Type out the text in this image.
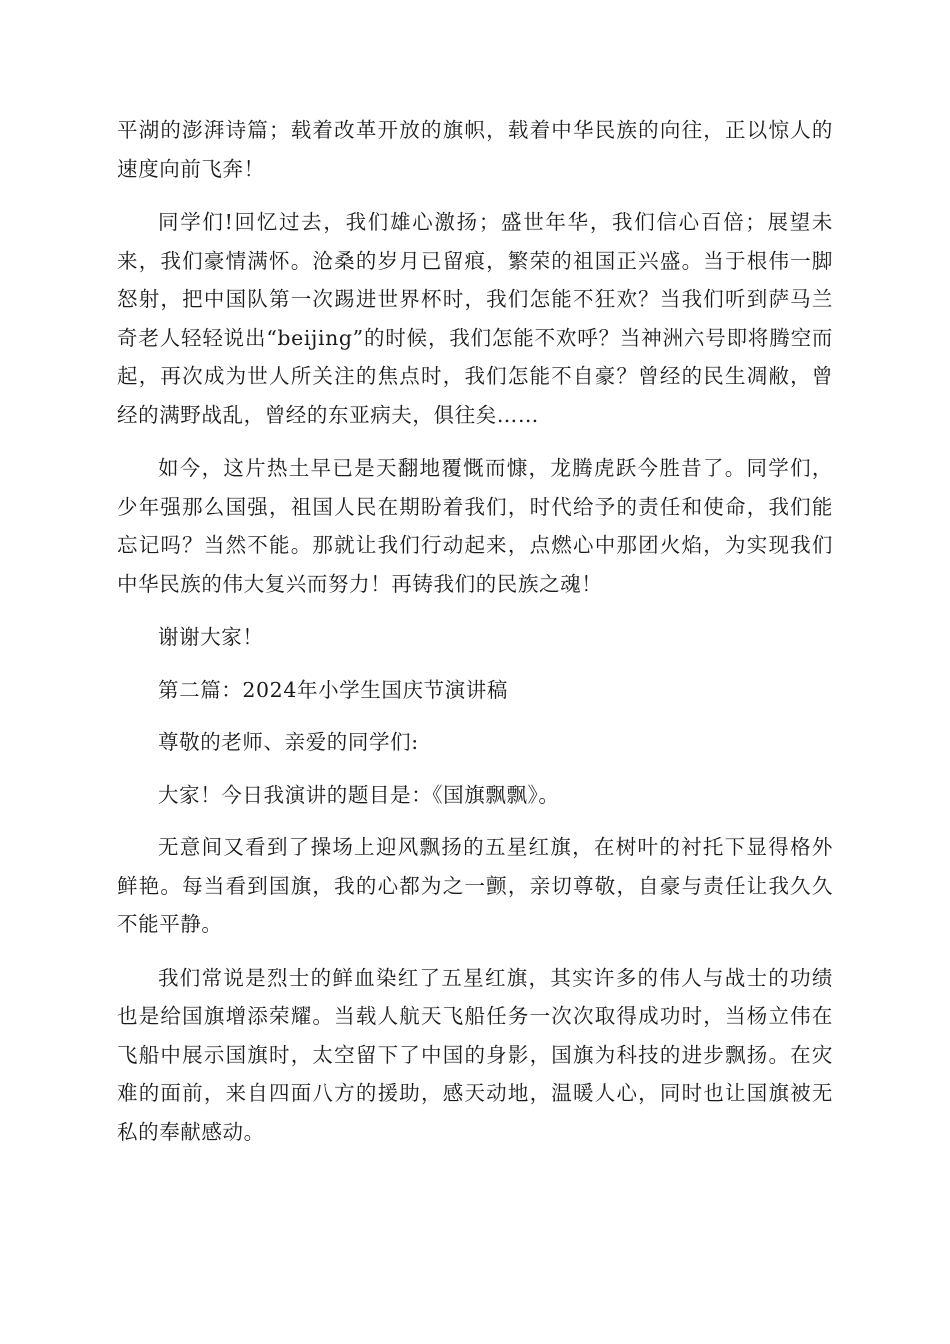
平湖的澎湃诗篇；载着改革开放的旗帜，载着中华民族的向往，正以惊人的速度向前飞奔！

同学们!回忆过去，我们雄心激扬；盛世年华，我们信心百倍；展望未来，我们豪情满怀。沧桑的岁月已留痕，繁荣的祖国正兴盛。当于根伟一脚怒射，把中国队第一次踢进世界杯时，我们怎能不狂欢？当我们听到萨马兰奇老人轻轻说出“beijing”的时候，我们怎能不欢呼？当神洲六号即将腾空而起，再次成为世人所关注的焦点时，我们怎能不自豪？曾经的民生凋敝，曾经的满野战乱，曾经的东亚病夫，俱往矣……

如今，这片热土早已是天翻地覆慨而慷，龙腾虎跃今胜昔了。同学们，少年强那么国强，祖国人民在期盼着我们，时代给予的责任和使命，我们能忘记吗？当然不能。那就让我们行动起来，点燃心中那团火焰，为实现我们中华民族的伟大复兴而努力！再铸我们的民族之魂！

谢谢大家！

第二篇：2024年小学生国庆节演讲稿

尊敬的老师、亲爱的同学们:

大家！今日我演讲的题目是：《国旗飘飘》。

无意间又看到了操场上迎风飘扬的五星红旗，在树叶的衬托下显得格外鲜艳。每当看到国旗，我的心都为之一颤，亲切尊敬，自豪与责任让我久久不能平静。

我们常说是烈士的鲜血染红了五星红旗，其实许多的伟人与战士的功绩也是给国旗增添荣耀。当载人航天飞船任务一次次取得成功时，当杨立伟在飞船中展示国旗时，太空留下了中国的身影，国旗为科技的进步飘扬。在灾难的面前，来自四面八方的援助，感天动地，温暖人心，同时也让国旗被无私的奉献感动。
